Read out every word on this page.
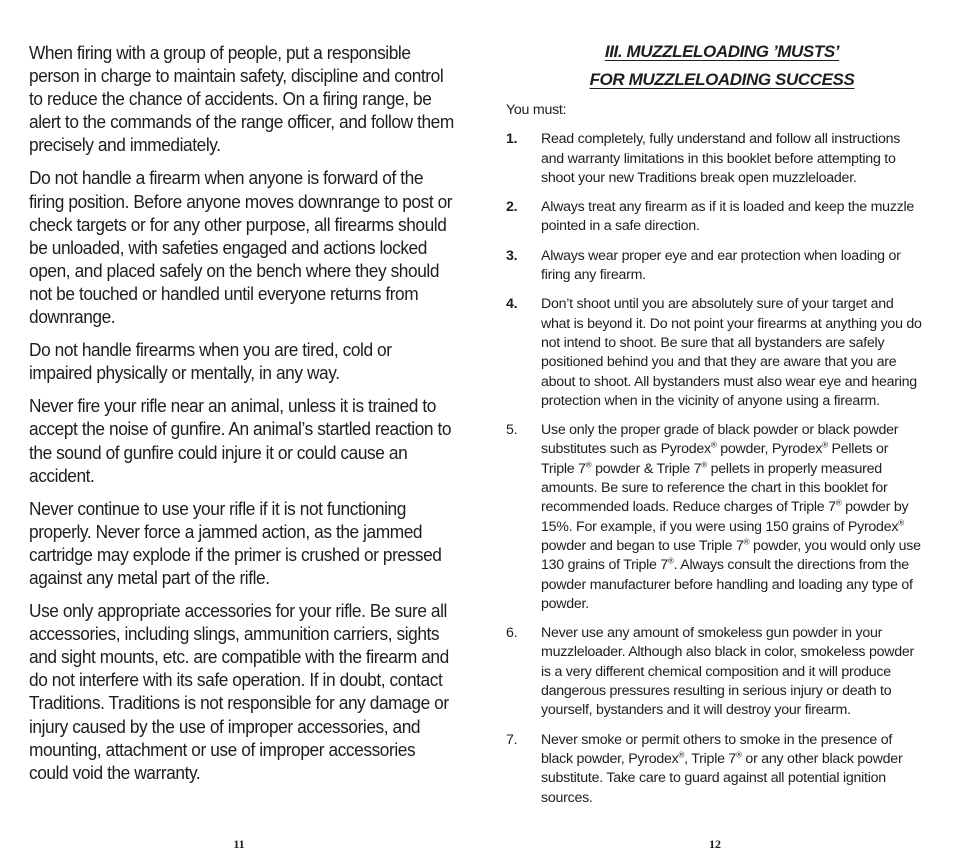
When firing with a group of people, put a responsible person in charge to maintain safety, discipline and control to reduce the chance of accidents. On a firing range, be alert to the commands of the range officer, and follow them precisely and immediately.

Do not handle a firearm when anyone is forward of the firing position. Before anyone moves downrange to post or check targets or for any other purpose, all firearms should be unloaded, with safeties engaged and actions locked open, and placed safely on the bench where they should not be touched or handled until everyone returns from downrange.

Do not handle firearms when you are tired, cold or impaired physically or mentally, in any way.

Never fire your rifle near an animal, unless it is trained to accept the noise of gunfire. An animal’s startled reaction to the sound of gunfire could injure it or could cause an accident.

Never continue to use your rifle if it is not functioning properly. Never force a jammed action, as the jammed cartridge may explode if the primer is crushed or pressed against any metal part of the rifle.

Use only appropriate accessories for your rifle. Be sure all accessories, including slings, ammunition carriers, sights and sight mounts, etc. are compatible with the firearm and do not interfere with its safe operation. If in doubt, contact Traditions. Traditions is not responsible for any damage or injury caused by the use of improper accessories, and mounting, attachment or use of improper accessories could void the warranty.

11
III. MUZZLELOADING ’MUSTS’
FOR MUZZLELOADING SUCCESS
You must:
1.	Read completely, fully understand and follow all instructions and warranty limitations in this booklet before attempting to shoot your new Traditions break open muzzleloader.
2.	Always treat any firearm as if it is loaded and keep the muzzle pointed in a safe direction.
3.	Always wear proper eye and ear protection when loading or firing any firearm.
4.	Don’t shoot until you are absolutely sure of your target and what is beyond it. Do not point your firearms at anything you do not intend to shoot. Be sure that all bystanders are safely positioned behind you and that they are aware that you are about to shoot. All bystanders must also wear eye and hearing protection when in the vicinity of anyone using a firearm.
5.	Use only the proper grade of black powder or black powder substitutes such as Pyrodex® powder, Pyrodex® Pellets or Triple 7® powder & Triple 7® pellets in properly measured amounts. Be sure to reference the chart in this booklet for recommended loads. Reduce charges of Triple 7® powder by 15%. For example, if you were using 150 grains of Pyrodex® powder and began to use Triple 7® powder, you would only use 130 grains of Triple 7®. Always consult the directions from the powder manufacturer before handling and loading any type of powder.
6.	Never use any amount of smokeless gun powder in your muzzleloader. Although also black in color, smokeless powder is a very different chemical composition and it will produce dangerous pressures resulting in serious injury or death to yourself, bystanders and it will destroy your firearm.
7.	Never smoke or permit others to smoke in the presence of black powder, Pyrodex®, Triple 7® or any other black powder substitute. Take care to guard against all potential ignition sources.
12
